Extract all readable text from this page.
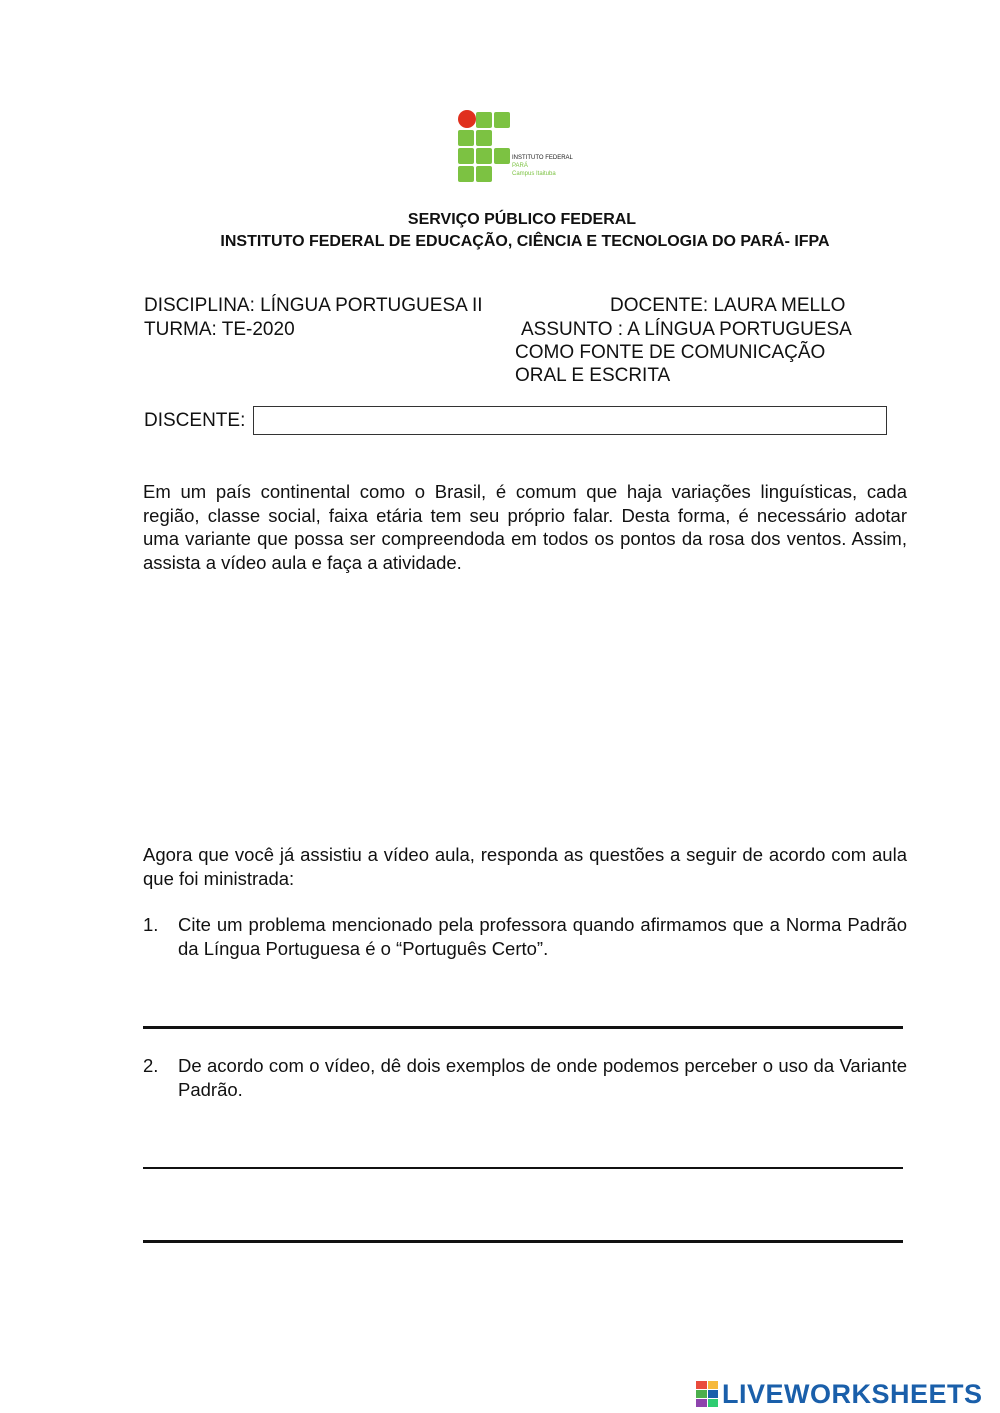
INSTITUTO FEDERAL
PARÁ
Campus Itaituba
SERVIÇO PÚBLICO FEDERAL
INSTITUTO FEDERAL DE EDUCAÇÃO, CIÊNCIA E TECNOLOGIA DO PARÁ- IFPA
DISCIPLINA: LÍNGUA PORTUGUESA II	DOCENTE: LAURA MELLO
TURMA: TE-2020	ASSUNTO : A LÍNGUA PORTUGUESA
COMO FONTE DE COMUNICAÇÃO
ORAL E ESCRITA
DISCENTE:
Em um país continental como o Brasil, é comum que haja variações linguísticas, cada região, classe social, faixa etária tem seu próprio falar. Desta forma, é necessário adotar uma variante que possa ser compreendoda em todos os pontos da rosa dos ventos. Assim, assista a vídeo aula e faça a atividade.
Agora que você já assistiu a vídeo aula, responda as questões a seguir de acordo com aula que foi ministrada:
1. Cite um problema mencionado pela professora quando afirmamos que a Norma Padrão da Língua Portuguesa é o “Português Certo”.
2. De acordo com o vídeo, dê dois exemplos de onde podemos perceber o uso da Variante Padrão.
LIVEWORKSHEETS
